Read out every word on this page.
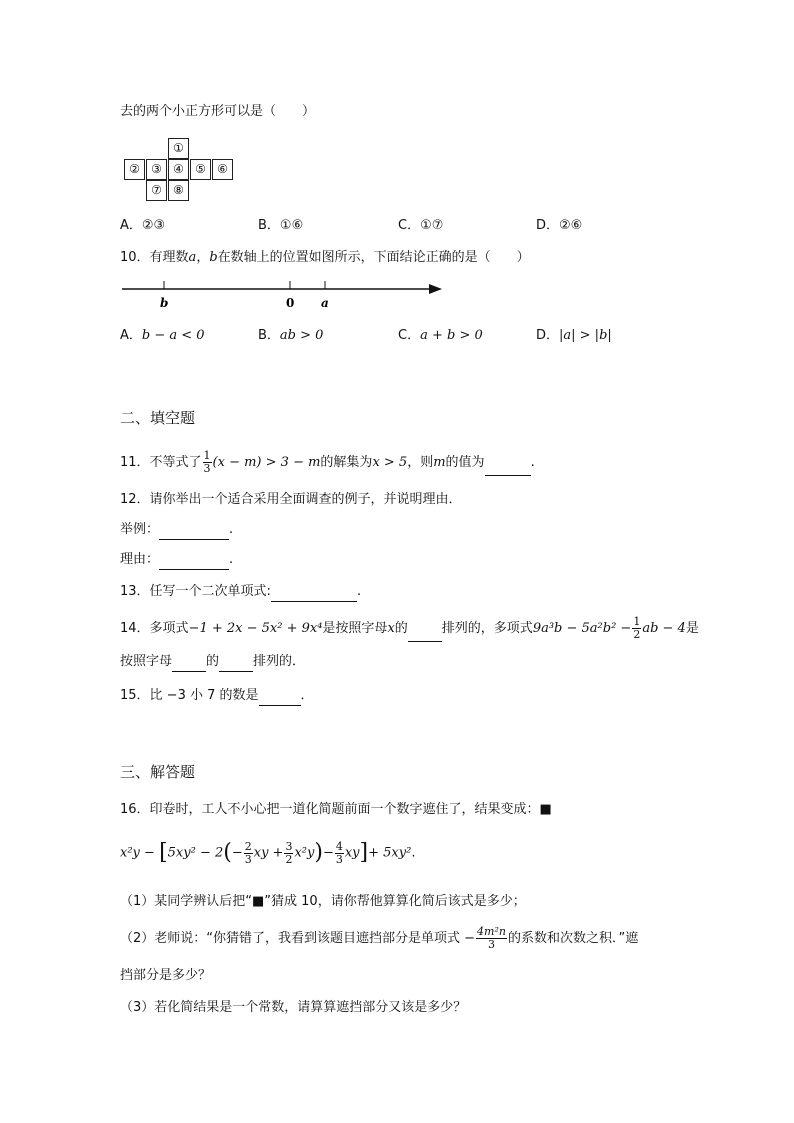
去的两个小正方形可以是（　　）
①
② ③ ④ ⑤ ⑥
⑦ ⑧
A．②③	B．①⑥	C．①⑦	D．②⑥
10．有理数a，b在数轴上的位置如图所示，下面结论正确的是（　　）
b	0 a
A．b − a < 0	B．ab > 0	C．a + b > 0	D．|a| > |b|
二、填空题
11．不等式了 $\frac{1}{3} (x - m) > 3 - m$的解集为x > 5，则m的值为	.
12．请你举出一个适合采用全面调查的例子，并说明理由．
举例：	.
理由：	.
13．任写一个二次单项式:	.
14．多项式−1 + 2x − 5x² + 9x⁴是按照字母x的	排列的，多项式$9a^3b - 5a^2b^2 - \frac{1}{2}$ ab − 4是
按照字母	的	排列的．
15．比 −3 小 7 的数是	．
三、解答题
16．印卷时，工人不小心把一道化简题前面一个数字遮住了，结果变成：■
$x^2y - [5xy^2 - 2(- \frac{2}{3}$ xy + $\frac{3}{2} x^2y)- \frac{4}{3} xy]+ 5xy^2$.
（1）某同学辨认后把“■”猜成 10，请你帮他算算化简后该式是多少；
（2）老师说：“你猜错了，我看到该题目遮挡部分是单项式 − $\frac{\text{4m²n}}{3}$ 的系数和次数之积．”遮
挡部分是多少？
（3）若化简结果是一个常数，请算算遮挡部分又该是多少？
